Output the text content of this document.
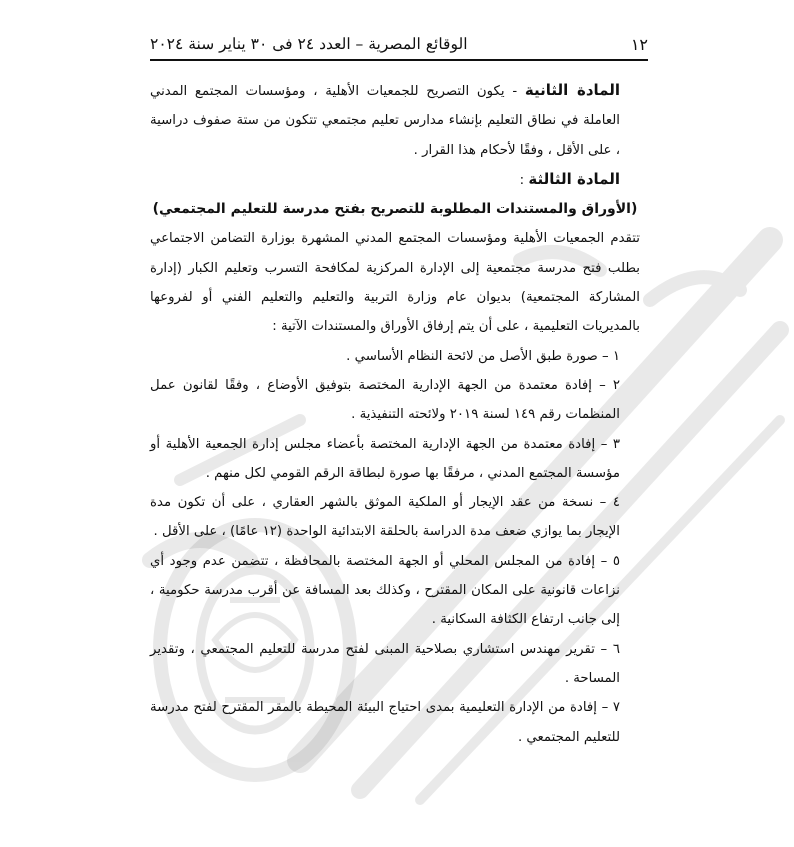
١٢
الوقائع المصرية – العدد ٢٤ فى ٣٠ يناير سنة ٢٠٢٤

المادة الثانية - يكون التصريح للجمعيات الأهلية ، ومؤسسات المجتمع المدني العاملة في نطاق التعليم بإنشاء مدارس تعليم مجتمعي تتكون من ستة صفوف دراسية ، على الأقل ، وفقًا لأحكام هذا القرار .

المادة الثالثة :

(الأوراق والمستندات المطلوبة للتصريح بفتح مدرسة للتعليم المجتمعي)

تتقدم الجمعيات الأهلية ومؤسسات المجتمع المدني المشهرة بوزارة التضامن الاجتماعي بطلب فتح مدرسة مجتمعية إلى الإدارة المركزية لمكافحة التسرب وتعليم الكبار (إدارة المشاركة المجتمعية) بديوان عام وزارة التربية والتعليم والتعليم الفني أو لفروعها بالمديريات التعليمية ، على أن يتم إرفاق الأوراق والمستندات الآتية :

١ – صورة طبق الأصل من لائحة النظام الأساسي .

٢ – إفادة معتمدة من الجهة الإدارية المختصة بتوفيق الأوضاع ، وفقًا لقانون عمل المنظمات رقم ١٤٩ لسنة ٢٠١٩ ولائحته التنفيذية .

٣ – إفادة معتمدة من الجهة الإدارية المختصة بأعضاء مجلس إدارة الجمعية الأهلية أو مؤسسة المجتمع المدني ، مرفقًا بها صورة لبطاقة الرقم القومي لكل منهم .

٤ – نسخة من عقد الإيجار أو الملكية الموثق بالشهر العقاري ، على أن تكون مدة الإيجار بما يوازي ضعف مدة الدراسة بالحلقة الابتدائية الواحدة (١٢ عامًا) ، على الأقل .

٥ – إفادة من المجلس المحلي أو الجهة المختصة بالمحافظة ، تتضمن عدم وجود أي نزاعات قانونية على المكان المقترح ، وكذلك بعد المسافة عن أقرب مدرسة حكومية ، إلى جانب ارتفاع الكثافة السكانية .

٦ – تقرير مهندس استشاري بصلاحية المبنى لفتح مدرسة للتعليم المجتمعي ، وتقدير المساحة .

٧ – إفادة من الإدارة التعليمية بمدى احتياج البيئة المحيطة بالمقر المقترح لفتح مدرسة للتعليم المجتمعي .
